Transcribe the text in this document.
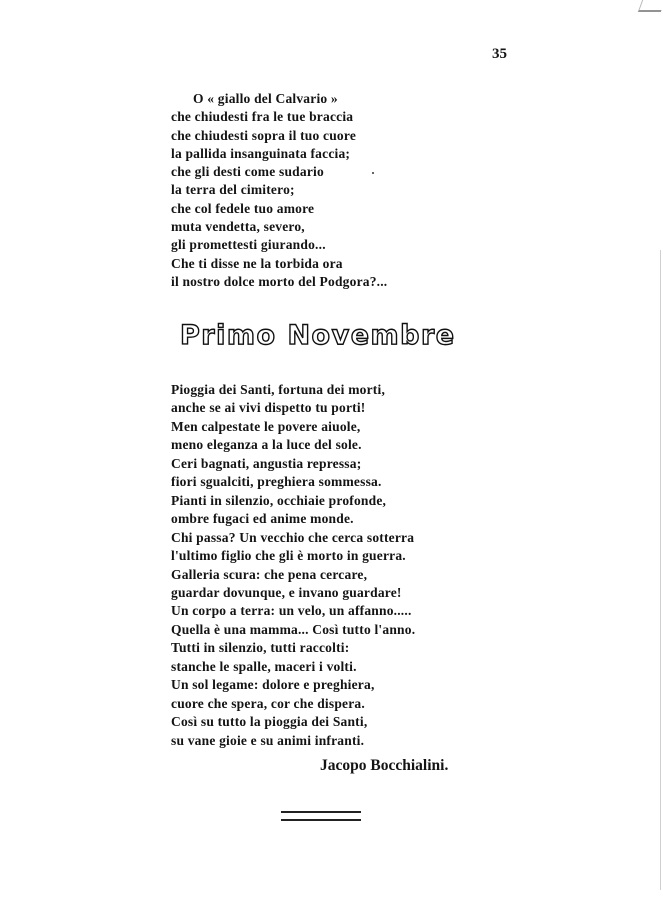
35
O « giallo del Calvario »
che chiudesti fra le tue braccia
che chiudesti sopra il tuo cuore
la pallida insanguinata faccia;
che gli desti come sudario
la terra del cimitero;
che col fedele tuo amore
muta vendetta, severo,
gli promettesti giurando...
Che ti disse ne la torbida ora
il nostro dolce morto del Podgora?...
Primo Novembre
Pioggia dei Santi, fortuna dei morti,
anche se ai vivi dispetto tu porti!
Men calpestate le povere aiuole,
meno eleganza a la luce del sole.
Ceri bagnati, angustia repressa;
fiori sgualciti, preghiera sommessa.
Pianti in silenzio, occhiaie profonde,
ombre fugaci ed anime monde.
Chi passa? Un vecchio che cerca sotterra
l'ultimo figlio che gli è morto in guerra.
Galleria scura: che pena cercare,
guardar dovunque, e invano guardare!
Un corpo a terra: un velo, un affanno.....
Quella è una mamma... Così tutto l'anno.
Tutti in silenzio, tutti raccolti:
stanche le spalle, maceri i volti.
Un sol legame: dolore e preghiera,
cuore che spera, cor che dispera.
Così su tutto la pioggia dei Santi,
su vane gioie e su animi infranti.
Jacopo Bocchialini.
